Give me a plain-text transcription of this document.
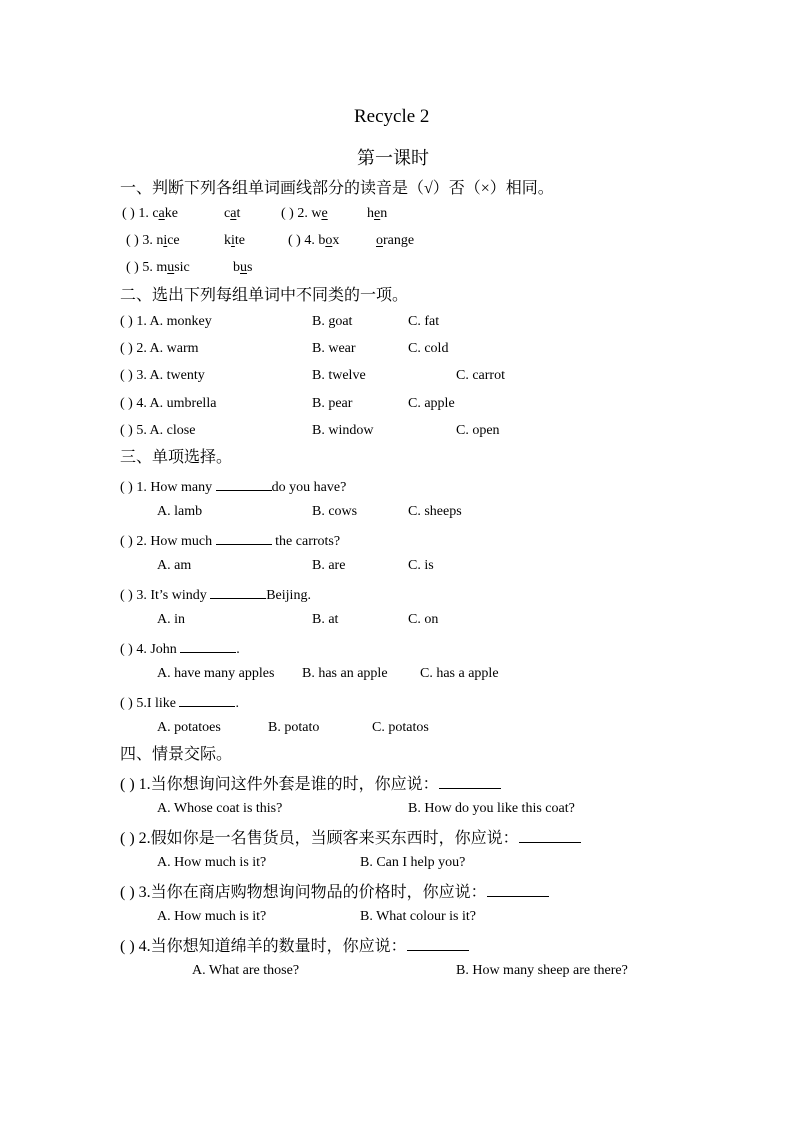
Recycle 2
第一课时
一、判断下列各组单词画线部分的读音是（√）否（×）相同。
( ) 1. cake	cat	( ) 2. we	hen
( ) 3. nice	kite	( ) 4. box	orange
( ) 5. music	bus
二、选出下列每组单词中不同类的一项。
( ) 1. A. monkey	B. goat	C. fat
( ) 2. A. warm	B. wear	C. cold
( ) 3. A. twenty	B. twelve	C. carrot
( ) 4. A. umbrella	B. pear	C. apple
( ) 5. A. close	B. window	C. open
三、单项选择。
( ) 1. How many	do you have?
A. lamb	B. cows	C. sheeps
( ) 2. How much	the carrots?
A. am	B. are	C. is
( ) 3. It’s windy	Beijing.
A. in	B. at	C. on
( ) 4. John	.
A. have many apples B. has an apple C. has a apple
( ) 5.I like	.
A. potatoes	B. potato	C. potatos
四、情景交际。
( ) 1.当你想询问这件外套是谁的时，你应说：
A. Whose coat is this?	B. How do you like this coat?
( ) 2.假如你是一名售货员，当顾客来买东西时，你应说：
A. How much is it?	B. Can I help you?
( ) 3.当你在商店购物想询问物品的价格时，你应说：
A. How much is it?	B. What colour is it?
( ) 4.当你想知道绵羊的数量时，你应说：
A. What are those?	B. How many sheep are there?
